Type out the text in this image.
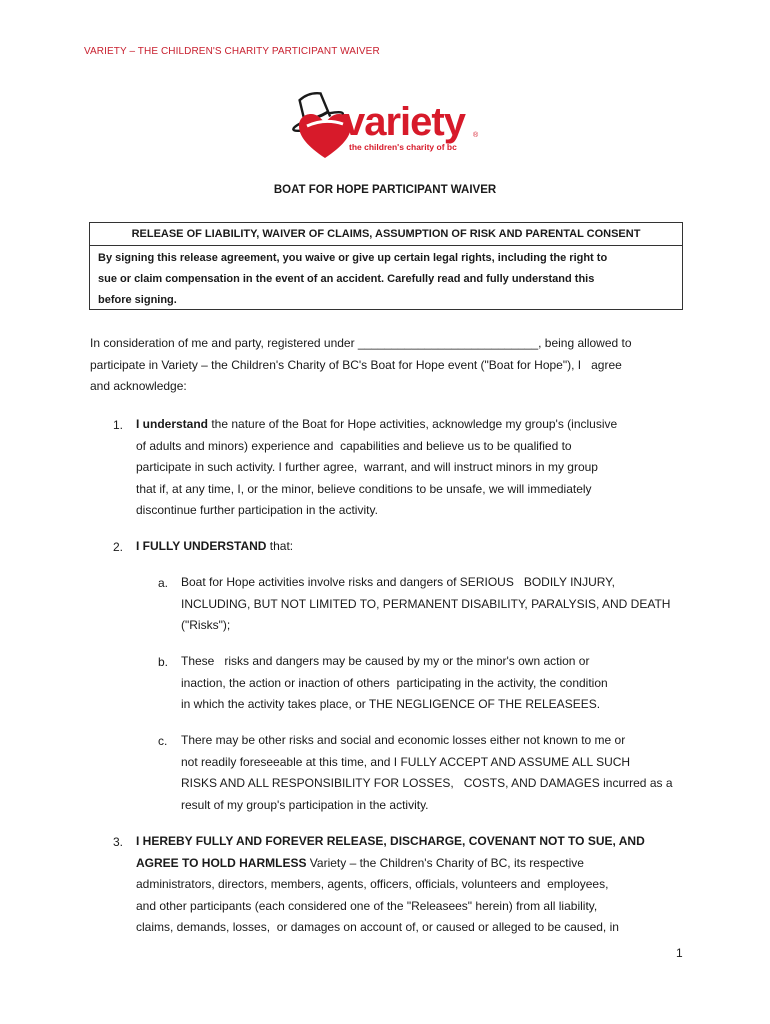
VARIETY – THE CHILDREN'S CHARITY PARTICIPANT WAIVER
variety ®
the children's charity of bc
BOAT FOR HOPE PARTICIPANT WAIVER
RELEASE OF LIABILITY, WAIVER OF CLAIMS, ASSUMPTION OF RISK AND PARENTAL CONSENT
By signing this release agreement, you waive or give up certain legal rights, including the right to
sue or claim compensation in the event of an accident. Carefully read and fully understand this
before signing.
In consideration of me and party, registered under ___________________________, being allowed to
participate in Variety – the Children's Charity of BC's Boat for Hope event ("Boat for Hope"), I   agree
and acknowledge:
1. I understand the nature of the Boat for Hope activities, acknowledge my group's (inclusive
of adults and minors) experience and  capabilities and believe us to be qualified to
participate in such activity. I further agree,  warrant, and will instruct minors in my group
that if, at any time, I, or the minor, believe conditions to be unsafe, we will immediately
discontinue further participation in the activity.
2. I FULLY UNDERSTAND that:
a. Boat for Hope activities involve risks and dangers of SERIOUS   BODILY INJURY,
INCLUDING, BUT NOT LIMITED TO, PERMANENT DISABILITY, PARALYSIS, AND DEATH
("Risks");
b. These   risks and dangers may be caused by my or the minor's own action or
inaction, the action or inaction of others  participating in the activity, the condition
in which the activity takes place, or THE NEGLIGENCE OF THE RELEASEES.
c. There may be other risks and social and economic losses either not known to me or
not readily foreseeable at this time, and I FULLY ACCEPT AND ASSUME ALL SUCH
RISKS AND ALL RESPONSIBILITY FOR LOSSES,   COSTS, AND DAMAGES incurred as a
result of my group's participation in the activity.
3. I HEREBY FULLY AND FOREVER RELEASE, DISCHARGE, COVENANT NOT TO SUE, AND
AGREE TO HOLD HARMLESS Variety – the Children's Charity of BC, its respective
administrators, directors, members, agents, officers, officials, volunteers and  employees,
and other participants (each considered one of the "Releasees" herein) from all liability,
claims, demands, losses,  or damages on account of, or caused or alleged to be caused, in
1
